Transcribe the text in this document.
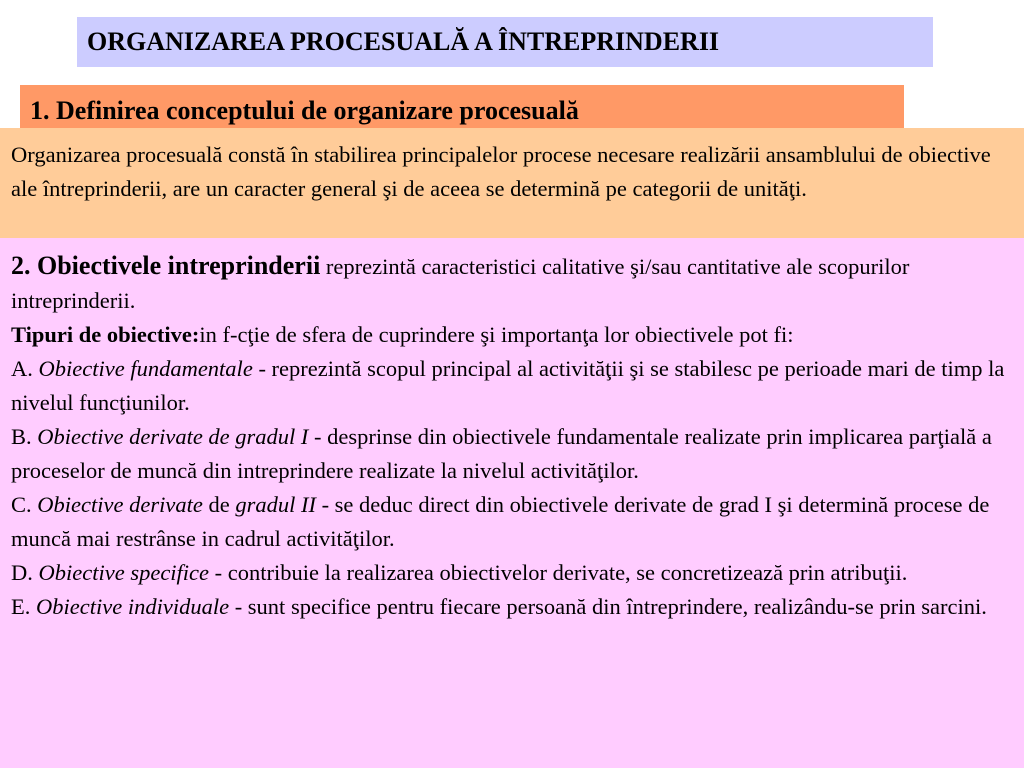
ORGANIZAREA PROCESUALĂ A ÎNTREPRINDERII
1. Definirea conceptului de organizare procesuală

Organizarea procesuală constă în stabilirea principalelor procese necesare realizării ansamblului de obiective ale întreprinderii, are un caracter general şi de aceea se determină pe categorii de unităţi.

2. Obiectivele intreprinderii reprezintă caracteristici calitative şi/sau cantitative ale scopurilor intreprinderii.

Tipuri de obiective:in f-cţie de sfera de cuprindere şi importanţa lor obiectivele pot fi:

A. Obiective fundamentale - reprezintă scopul principal al activităţii şi se stabilesc pe perioade mari de timp la nivelul funcţiunilor.

B. Obiective derivate de gradul I - desprinse din obiectivele fundamentale realizate prin implicarea parţială a proceselor de muncă din intreprindere realizate la nivelul activităţilor.

C. Obiective derivate de gradul II - se deduc direct din obiectivele derivate de grad I şi determină procese de muncă mai restrânse in cadrul activităţilor.

D. Obiective specifice - contribuie la realizarea obiectivelor derivate, se concretizează prin atribuţii.

E. Obiective individuale - sunt specifice pentru fiecare persoană din întreprindere, realizându-se prin sarcini.
